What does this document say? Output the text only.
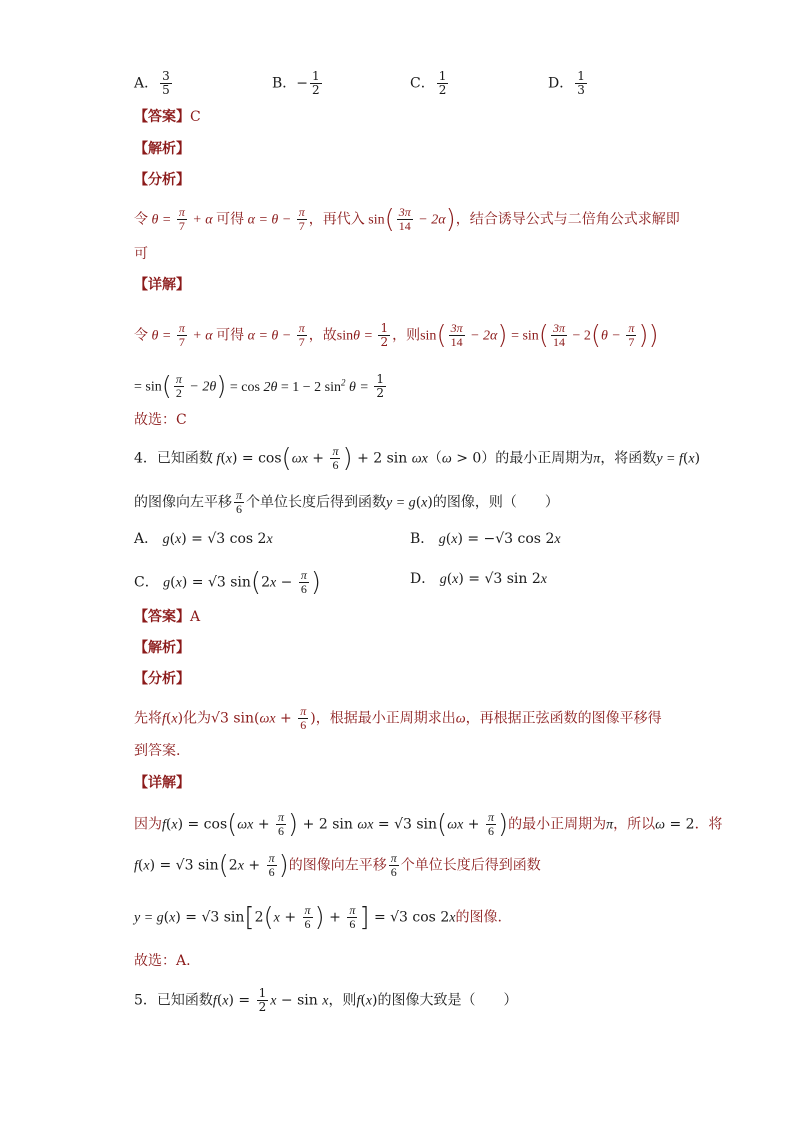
A． $\frac{3}{5}$	B．− $\frac{1}{2}$	C． $\frac{1}{2}$	D． $\frac{1}{3}$
【答案】C
【解析】
【分析】
令 $\theta = \frac{\pi}{7} + \alpha$ 可得 $\alpha = \theta - \frac{\pi}{7}$ ，再代入 $\sin( \frac{3\pi}{14} - 2\alpha)$，结合诱导公式与二倍角公式求解即
可
【详解】
令 $\theta = \frac{\pi}{7} + \alpha$ 可得 $\alpha = \theta - \frac{\pi}{7}$ ，故$\sin\theta = \frac{1}{2}$ ，则$\sin( \frac{3\pi}{14} - 2\alpha) = \sin( \frac{3\pi}{14} - 2(\theta - \frac{\pi}{7}$ ))
= $\sin( \frac{\pi}{2} - 2\theta) = \cos 2\theta = 1 - 2$ $\sin^2 \theta = \frac{1}{2}$
故选：C
4．已知函数 $f(x) = \cos(\omega x + \frac{\pi}{6}$ ) + 2 sin ωx（ω > 0）的最小正周期为π，将函数y = f(x)
的图像向左平移 $\frac{\pi}{6}$ 个单位长度后得到函数y = g(x)的图像，则（　　）
A． g(x) = √3 cos 2x	B． g(x) = −√3 cos 2x
C． g(x) = √3 $\sin(2x - \frac{\pi}{6}$ )	D． g(x) = √3 sin 2x
【答案】A
【解析】
【分析】
先将f(x)化为√3 $\sin(\omega x + \frac{\pi}{6}$ )，根据最小正周期求出ω，再根据正弦函数的图像平移得
到答案.
【详解】
因为$f(x) = \cos(\omega x + \frac{\pi}{6}$ ) + 2 sin ωx = √3 $\sin(\omega x + \frac{\pi}{6}$ )的最小正周期为π，所以ω = 2．将
f(x) = √3 $\sin(2x + \frac{\pi}{6}$ )的图像向左平移 $\frac{\pi}{6}$ 个单位长度后得到函数
y = g(x) = √3 $\sin[2(x + \frac{\pi}{6}$ ) + $\frac{\pi}{6}$ ] = √3 cos 2x的图像.
故选：A.
5．已知函数$f(x) = \frac{1}{2}$ x − sin x，则f(x)的图像大致是（　　）
